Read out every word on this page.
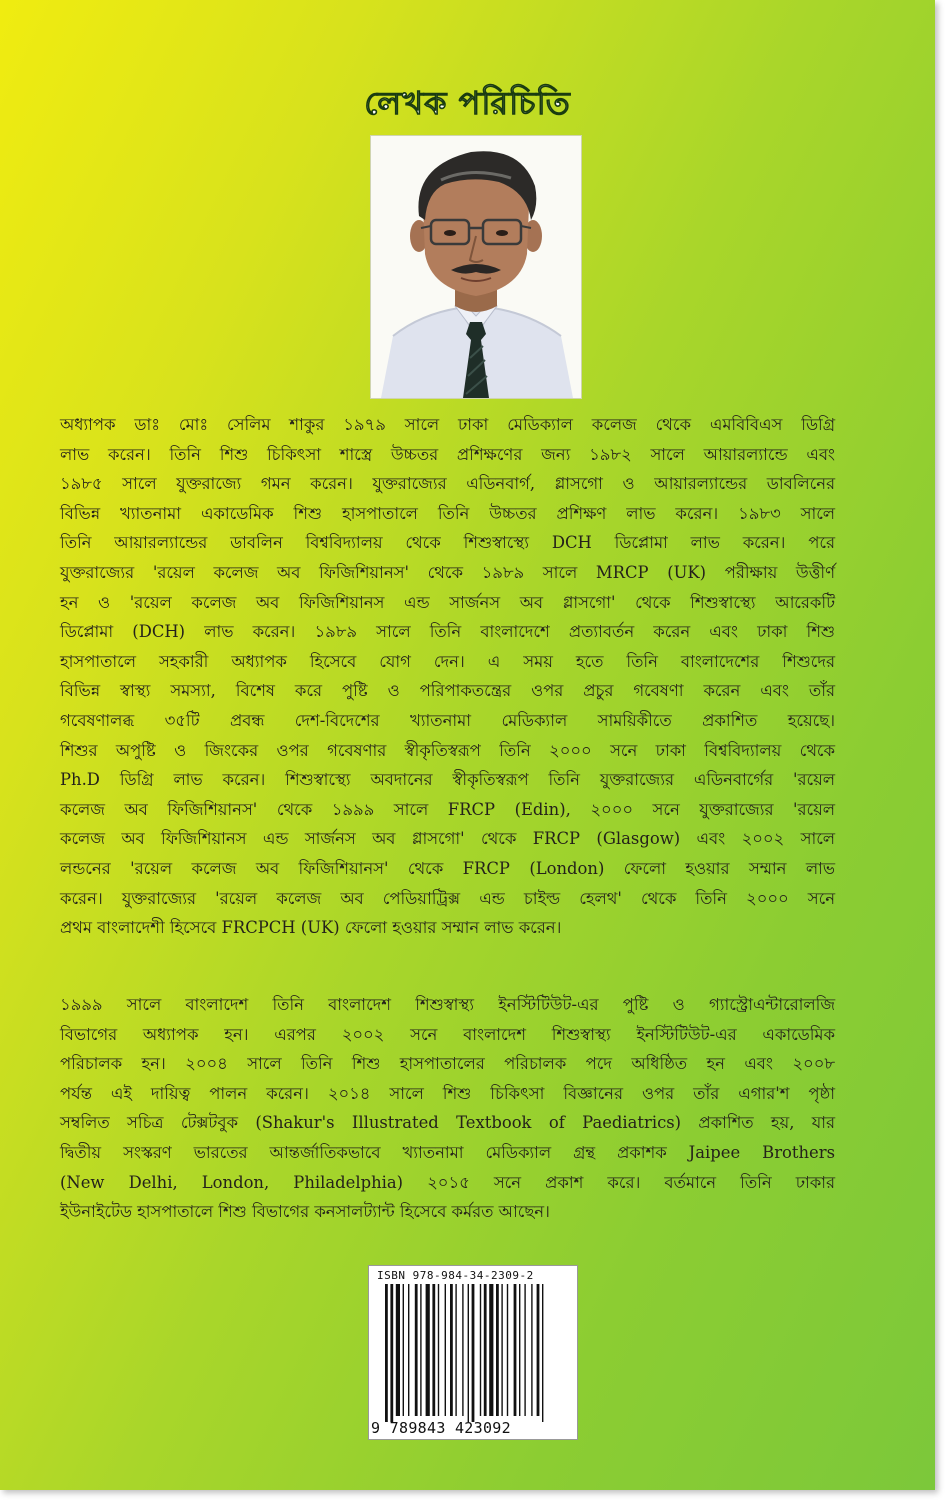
লেখক পরিচিতি
অধ্যাপক ডাঃ মোঃ সেলিম শাকুর ১৯৭৯ সালে ঢাকা মেডিক্যাল কলেজ থেকে এমবিবিএস ডিগ্রি
লাভ করেন। তিনি শিশু চিকিৎসা শাস্ত্রে উচ্চতর প্রশিক্ষণের জন্য ১৯৮২ সালে আয়ারল্যান্ডে এবং
১৯৮৫ সালে যুক্তরাজ্যে গমন করেন। যুক্তরাজ্যের এডিনবার্গ, গ্লাসগো ও আয়ারল্যান্ডের ডাবলিনের
বিভিন্ন খ্যাতনামা একাডেমিক শিশু হাসপাতালে তিনি উচ্চতর প্রশিক্ষণ লাভ করেন। ১৯৮৩ সালে
তিনি আয়ারল্যান্ডের ডাবলিন বিশ্ববিদ্যালয় থেকে শিশুস্বাস্থ্যে DCH ডিপ্লোমা লাভ করেন। পরে
যুক্তরাজ্যের 'রয়েল কলেজ অব ফিজিশিয়ানস' থেকে ১৯৮৯ সালে MRCP (UK) পরীক্ষায় উত্তীর্ণ
হন ও 'রয়েল কলেজ অব ফিজিশিয়ানস এন্ড সার্জনস অব গ্লাসগো' থেকে শিশুস্বাস্থ্যে আরেকটি
ডিপ্লোমা (DCH) লাভ করেন। ১৯৮৯ সালে তিনি বাংলাদেশে প্রত্যাবর্তন করেন এবং ঢাকা শিশু
হাসপাতালে সহকারী অধ্যাপক হিসেবে যোগ দেন। এ সময় হতে তিনি বাংলাদেশের শিশুদের
বিভিন্ন স্বাস্থ্য সমস্যা, বিশেষ করে পুষ্টি ও পরিপাকতন্ত্রের ওপর প্রচুর গবেষণা করেন এবং তাঁর
গবেষণালব্ধ ৩৫টি প্রবন্ধ দেশ-বিদেশের খ্যাতনামা মেডিক্যাল সাময়িকীতে প্রকাশিত হয়েছে।
শিশুর অপুষ্টি ও জিংকের ওপর গবেষণার স্বীকৃতিস্বরূপ তিনি ২০০০ সনে ঢাকা বিশ্ববিদ্যালয় থেকে
Ph.D ডিগ্রি লাভ করেন। শিশুস্বাস্থ্যে অবদানের স্বীকৃতিস্বরূপ তিনি যুক্তরাজ্যের এডিনবার্গের 'রয়েল
কলেজ অব ফিজিশিয়ানস' থেকে ১৯৯৯ সালে FRCP (Edin), ২০০০ সনে যুক্তরাজ্যের 'রয়েল
কলেজ অব ফিজিশিয়ানস এন্ড সার্জনস অব গ্লাসগো' থেকে FRCP (Glasgow) এবং ২০০২ সালে
লন্ডনের 'রয়েল কলেজ অব ফিজিশিয়ানস' থেকে FRCP (London) ফেলো হওয়ার সম্মান লাভ
করেন। যুক্তরাজ্যের 'রয়েল কলেজ অব পেডিয়াট্রিক্স এন্ড চাইল্ড হেলথ' থেকে তিনি ২০০০ সনে
প্রথম বাংলাদেশী হিসেবে FRCPCH (UK) ফেলো হওয়ার সম্মান লাভ করেন।
১৯৯৯ সালে বাংলাদেশ তিনি বাংলাদেশ শিশুস্বাস্থ্য ইনস্টিটিউট-এর পুষ্টি ও গ্যাস্ট্রোএন্টারোলজি
বিভাগের অধ্যাপক হন। এরপর ২০০২ সনে বাংলাদেশ শিশুস্বাস্থ্য ইনস্টিটিউট-এর একাডেমিক
পরিচালক হন। ২০০৪ সালে তিনি শিশু হাসপাতালের পরিচালক পদে অধিষ্ঠিত হন এবং ২০০৮
পর্যন্ত এই দায়িত্ব পালন করেন। ২০১৪ সালে শিশু চিকিৎসা বিজ্ঞানের ওপর তাঁর এগার'শ পৃষ্ঠা
সম্বলিত সচিত্র টেক্সটবুক (Shakur's Illustrated Textbook of Paediatrics) প্রকাশিত হয়, যার
দ্বিতীয় সংস্করণ ভারতের আন্তর্জাতিকভাবে খ্যাতনামা মেডিক্যাল গ্রন্থ প্রকাশক Jaipee Brothers
(New Delhi, London, Philadelphia) ২০১৫ সনে প্রকাশ করে। বর্তমানে তিনি ঢাকার
ইউনাইটেড হাসপাতালে শিশু বিভাগের কনসালট্যান্ট হিসেবে কর্মরত আছেন।
ISBN 978-984-34-2309-2
9 789843 423092
